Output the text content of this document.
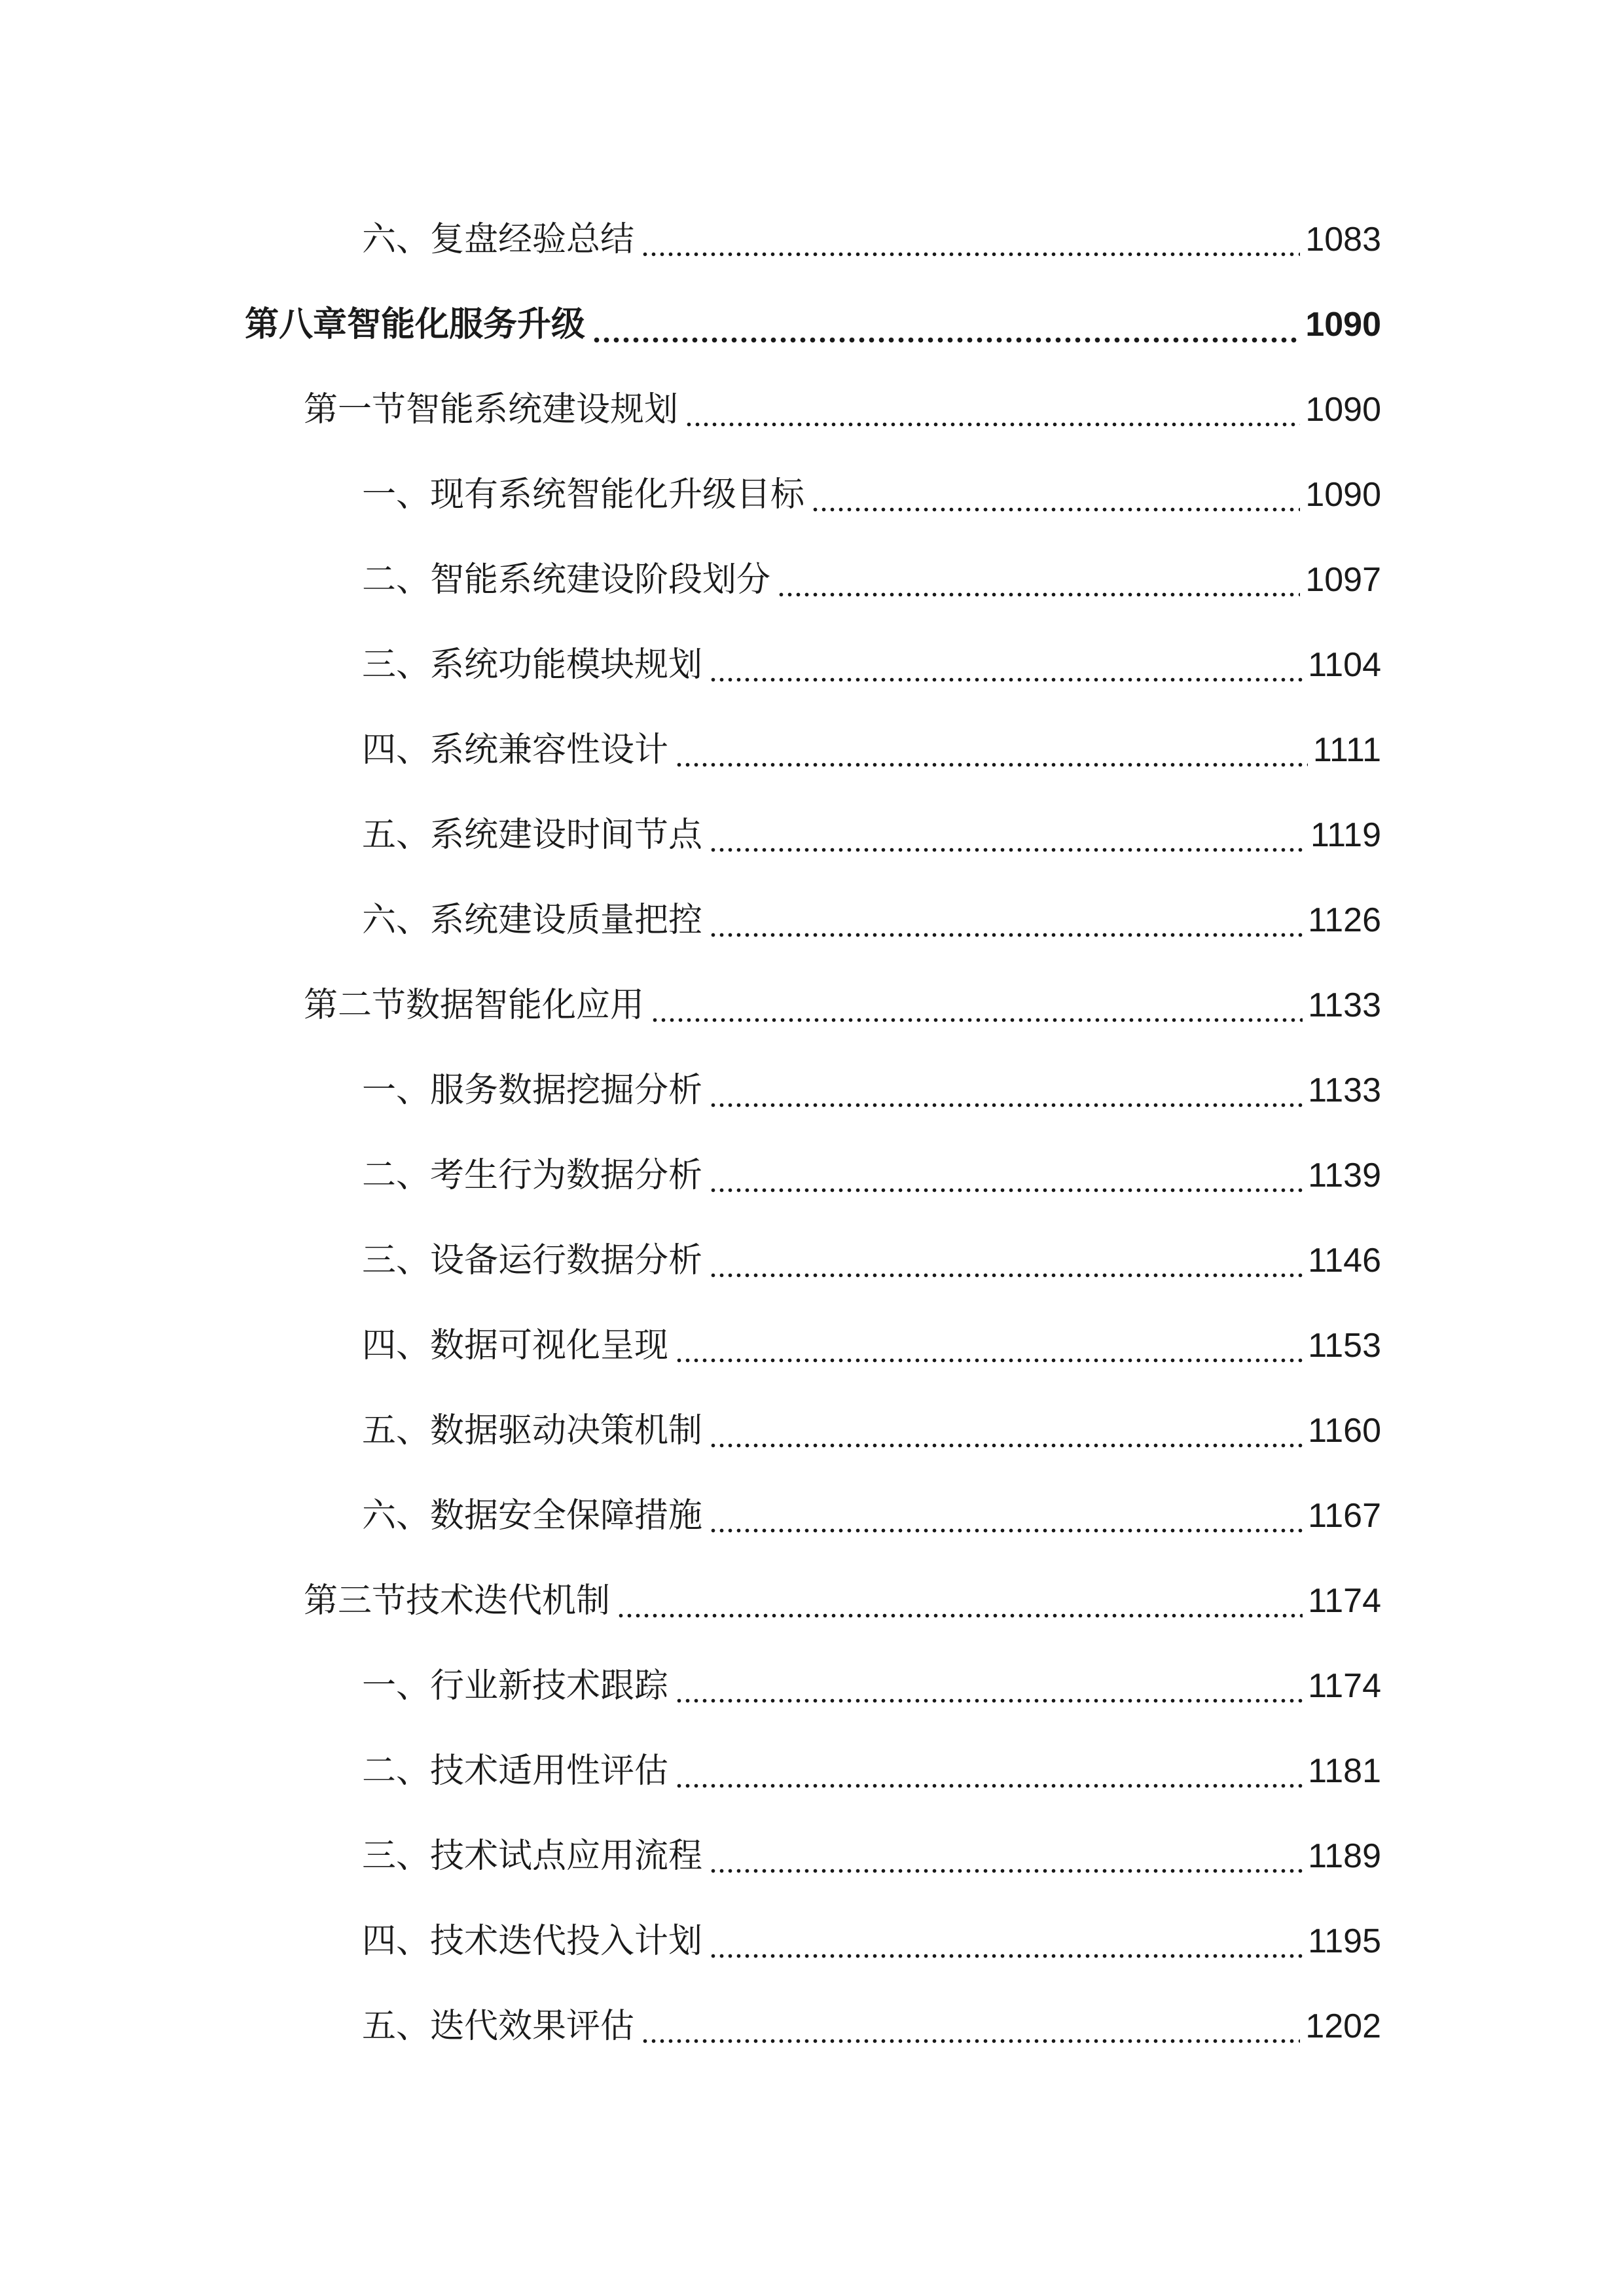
六、复盘经验总结	1083
第八章智能化服务升级	1090
第一节智能系统建设规划	1090
一、现有系统智能化升级目标	1090
二、智能系统建设阶段划分	1097
三、系统功能模块规划	1104
四、系统兼容性设计	1111
五、系统建设时间节点	1119
六、系统建设质量把控	1126
第二节数据智能化应用	1133
一、服务数据挖掘分析	1133
二、考生行为数据分析	1139
三、设备运行数据分析	1146
四、数据可视化呈现	1153
五、数据驱动决策机制	1160
六、数据安全保障措施	1167
第三节技术迭代机制	1174
一、行业新技术跟踪	1174
二、技术适用性评估	1181
三、技术试点应用流程	1189
四、技术迭代投入计划	1195
五、迭代效果评估	1202
